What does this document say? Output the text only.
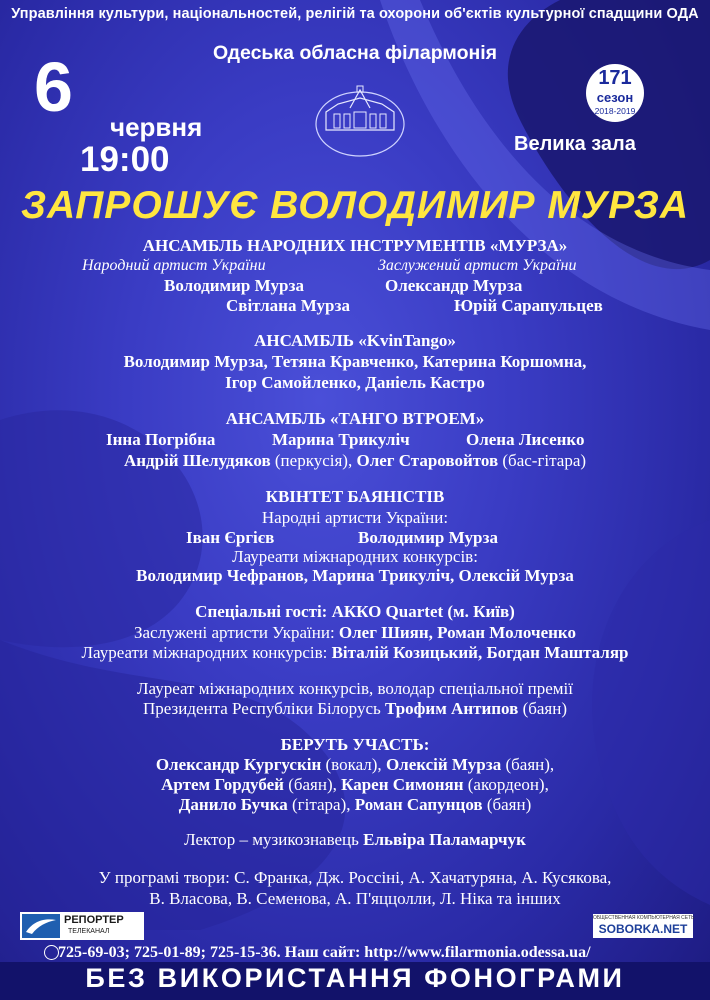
Управління культури, національностей, релігій та охорони об'єктів культурної спадщини ОДА
Одеська обласна філармонія
6
червня
19:00
171
сезон
2018-2019
Велика зала
ЗАПРОШУЄ ВОЛОДИМИР МУРЗА
АНСАМБЛЬ НАРОДНИХ ІНСТРУМЕНТІВ «МУРЗА»
Народний артист України	Заслужений артист України
Володимир Мурза	Олександр Мурза
Світлана Мурза	Юрій Сарапульцев
АНСАМБЛЬ «KvinTango»
Володимир Мурза, Тетяна Кравченко, Катерина Коршомна,
Ігор Самойленко, Даніель Кастро
АНСАМБЛЬ «ТАНГО ВТРОЕМ»
Інна Погрібна	Марина Трикуліч	Олена Лисенко
Андрій Шелудяков (перкусія), Олег Старовойтов (бас-гітара)
КВІНТЕТ БАЯНІСТІВ
Народні артисти України:
Іван Єргієв	Володимир Мурза
Лауреати міжнародних конкурсів:
Володимир Чефранов, Марина Трикуліч, Олексій Мурза
Спеціальні гості: АККО Quartet (м. Київ)
Заслужені артисти України: Олег Шиян, Роман Молоченко
Лауреати міжнародних конкурсів: Віталій Козицький, Богдан Машталяр
Лауреат міжнародних конкурсів, володар спеціальної премії
Президента Республіки Білорусь Трофим Антипов (баян)
БЕРУТЬ УЧАСТЬ:
Олександр Кургускін (вокал), Олексій Мурза (баян),
Артем Гордубей (баян), Карен Симонян (акордеон),
Данило Бучка (гітара), Роман Сапунцов (баян)
Лектор – музикознавець Ельвіра Паламарчук
У програмі твори: С. Франка, Дж. Россіні, А. Хачатуряна, А. Кусякова,
В. Власова, В. Семенова, А. П'яццолли, Л. Ніка та інших
РЕПОРТЕР
ТЕЛЕКАНАЛ
ОБЩЕСТВЕННАЯ КОМПЬЮТЕРНАЯ СЕТЬ
SOBORKA.NET
725-69-03; 725-01-89; 725-15-36. Наш сайт: http://www.filarmonia.odessa.ua/
БЕЗ ВИКОРИСТАННЯ ФОНОГРАМИ
